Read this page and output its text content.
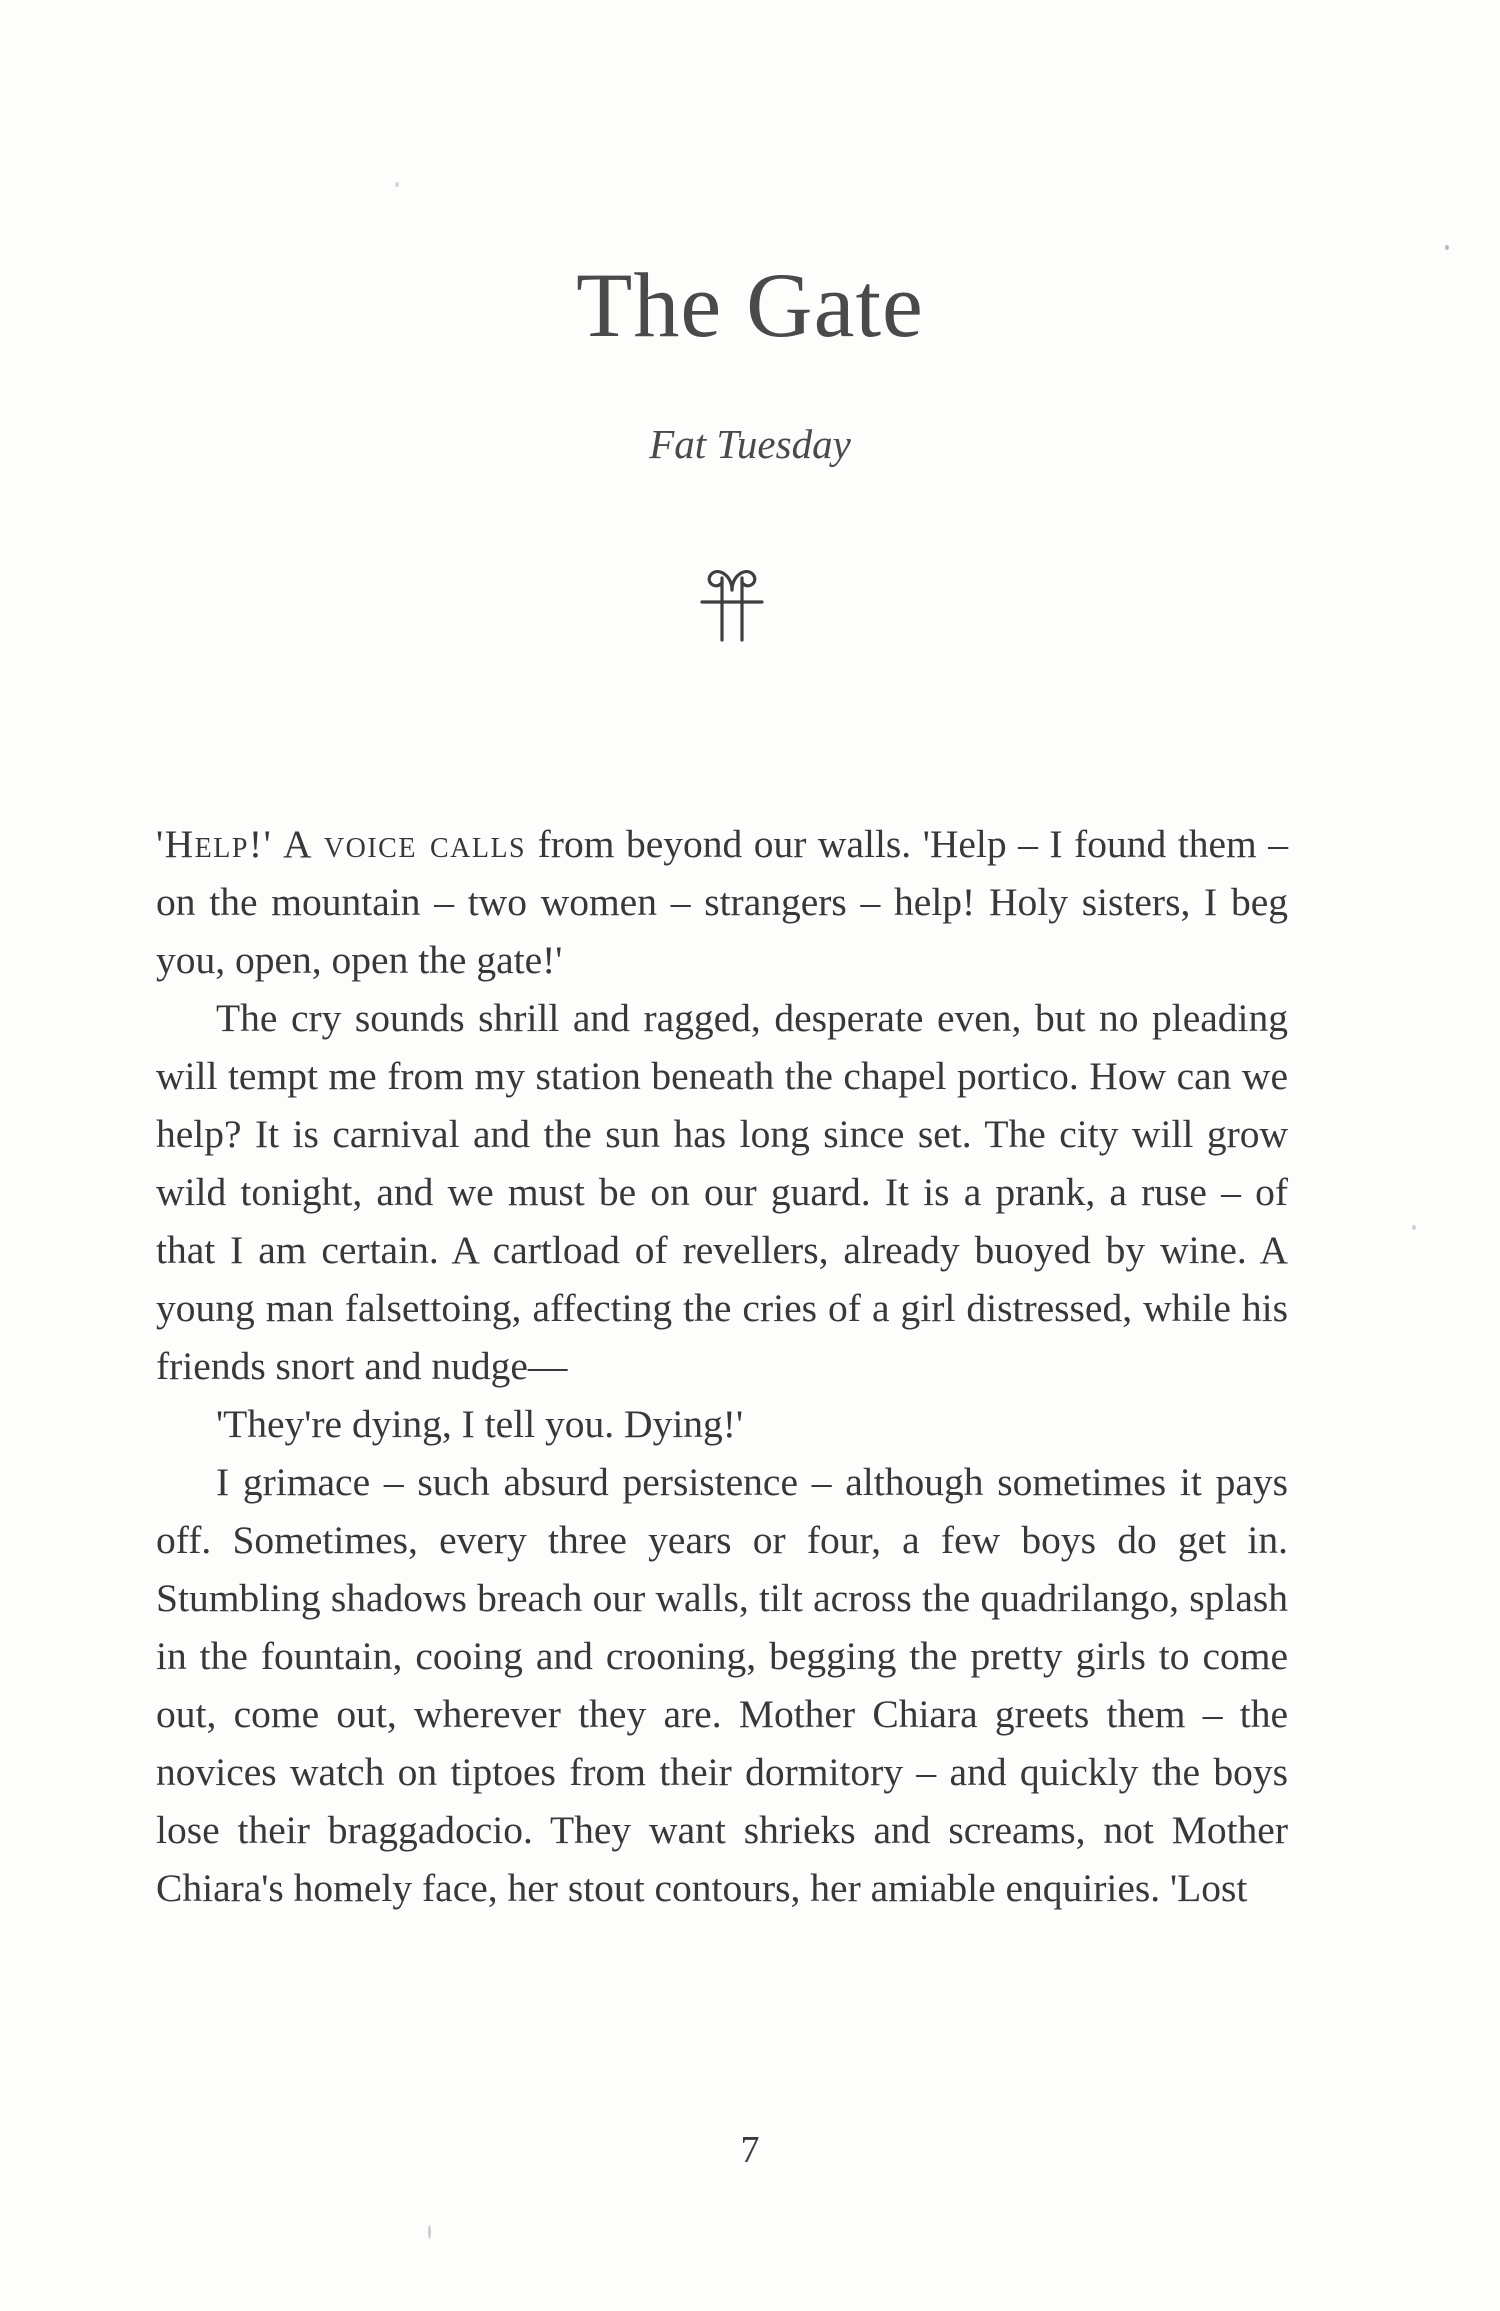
The Gate

Fat Tuesday

'Help!' A voice calls from beyond our walls. 'Help – I found them – on the mountain – two women – strangers – help! Holy sisters, I beg you, open, open the gate!'

The cry sounds shrill and ragged, desperate even, but no pleading will tempt me from my station beneath the chapel portico. How can we help? It is carnival and the sun has long since set. The city will grow wild tonight, and we must be on our guard. It is a prank, a ruse – of that I am certain. A cartload of revellers, already buoyed by wine. A young man falsettoing, affecting the cries of a girl distressed, while his friends snort and nudge—

'They're dying, I tell you. Dying!'

I grimace – such absurd persistence – although sometimes it pays off. Sometimes, every three years or four, a few boys do get in. Stumbling shadows breach our walls, tilt across the quadrilango, splash in the fountain, cooing and crooning, begging the pretty girls to come out, come out, wherever they are. Mother Chiara greets them – the novices watch on tiptoes from their dormitory – and quickly the boys lose their braggadocio. They want shrieks and screams, not Mother Chiara's homely face, her stout contours, her amiable enquiries. 'Lost

7
